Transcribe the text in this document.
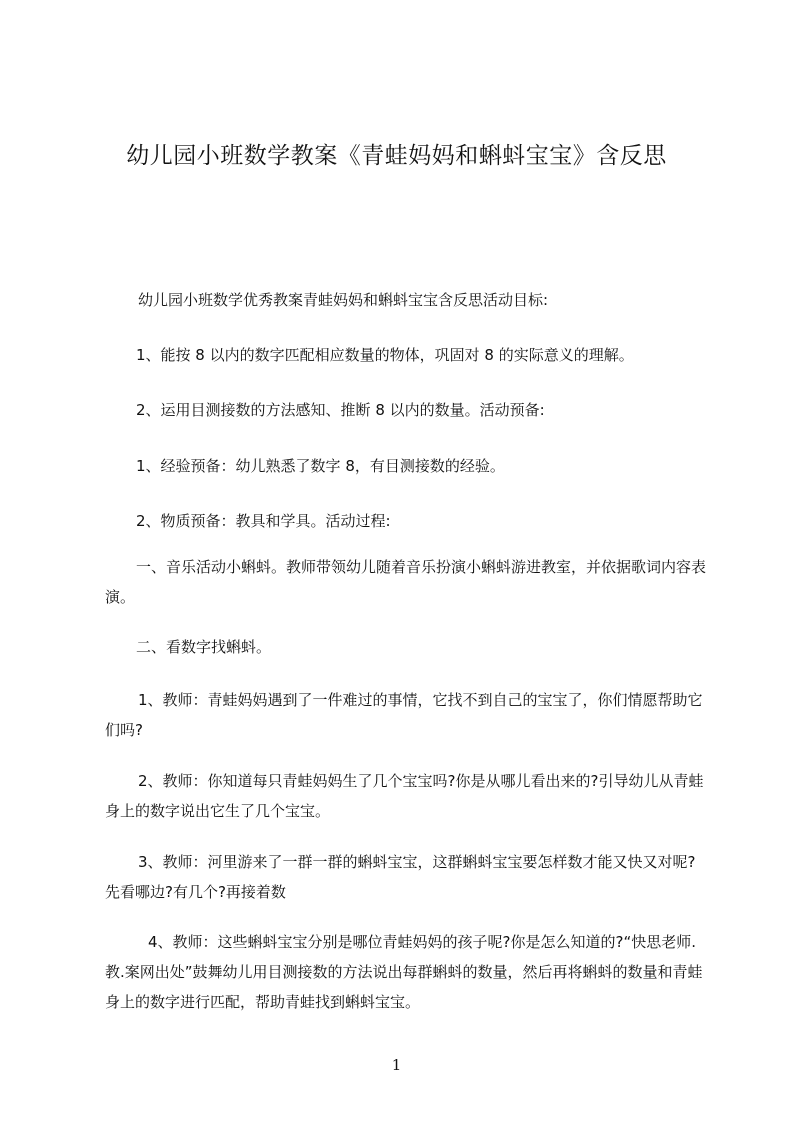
幼儿园小班数学教案《青蛙妈妈和蝌蚪宝宝》含反思
幼儿园小班数学优秀教案青蛙妈妈和蝌蚪宝宝含反思活动目标:
1、能按 8 以内的数字匹配相应数量的物体，巩固对 8 的实际意义的理解。
2、运用目测接数的方法感知、推断 8 以内的数量。活动预备:
1、经验预备：幼儿熟悉了数字 8，有目测接数的经验。
2、物质预备：教具和学具。活动过程:
一、音乐活动小蝌蚪。教师带领幼儿随着音乐扮演小蝌蚪游进教室，并依据歌词内容表演。
二、看数字找蝌蚪。
1、教师：青蛙妈妈遇到了一件难过的事情，它找不到自己的宝宝了，你们情愿帮助它们吗?
2、教师：你知道每只青蛙妈妈生了几个宝宝吗?你是从哪儿看出来的?引导幼儿从青蛙身上的数字说出它生了几个宝宝。
3、教师：河里游来了一群一群的蝌蚪宝宝，这群蝌蚪宝宝要怎样数才能又快又对呢?先看哪边?有几个?再接着数
4、教师：这些蝌蚪宝宝分别是哪位青蛙妈妈的孩子呢?你是怎么知道的?“快思老师.教.案网出处”鼓舞幼儿用目测接数的方法说出每群蝌蚪的数量，然后再将蝌蚪的数量和青蛙身上的数字进行匹配，帮助青蛙找到蝌蚪宝宝。
1
